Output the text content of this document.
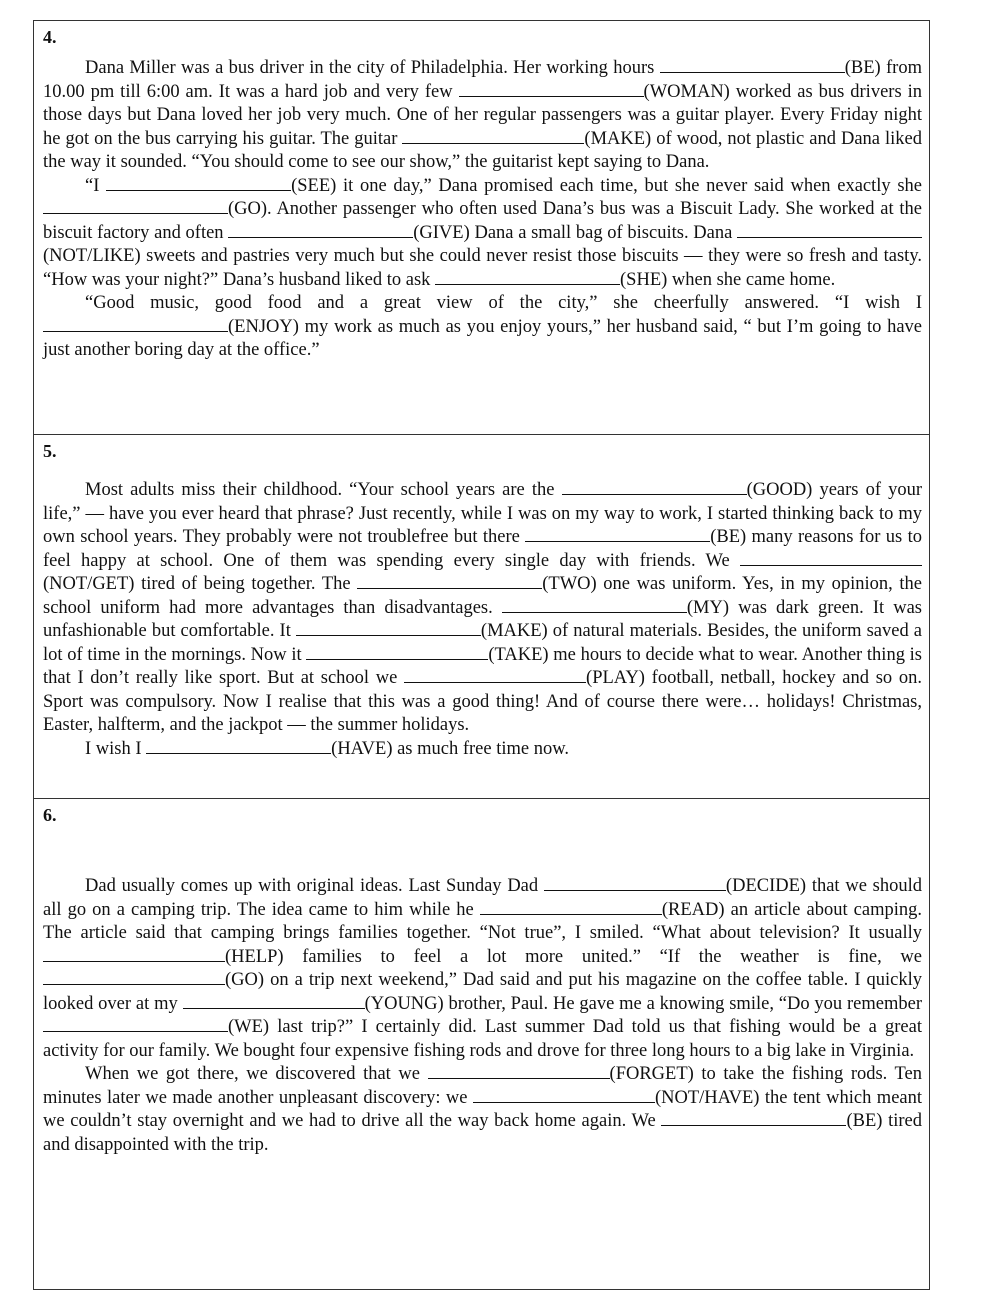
4.

Dana Miller was a bus driver in the city of Philadelphia. Her working hours	(BE) from 10.00 pm till 6:00 am. It was a hard job and very few	(WOMAN) worked as bus drivers in those days but Dana loved her job very much. One of her regular passengers was a guitar player. Every Friday night he got on the bus carrying his guitar. The guitar	(MAKE) of wood, not plastic and Dana liked the way it sounded. “You should come to see our show,” the guitarist kept saying to Dana.

“I	(SEE) it one day,” Dana promised each time, but she never said when exactly she (GO). Another passenger who often used Dana’s bus was a Biscuit Lady. She worked at the biscuit factory and often	(GIVE) Dana a small bag of biscuits. Dana (NOT/LIKE) sweets and pastries very much but she could never resist those biscuits — they were so fresh and tasty. “How was your night?” Dana’s husband liked to ask	(SHE) when she came home.

“Good music, good food and a great view of the city,” she cheerfully answered. “I wish I (ENJOY) my work as much as you enjoy yours,” her husband said, “ but I’m going to have just another boring day at the office.”

5.

Most adults miss their childhood. “Your school years are the	(GOOD) years of your life,” — have you ever heard that phrase? Just recently, while I was on my way to work, I started thinking back to my own school years. They probably were not troublefree but there	(BE) many reasons for us to feel happy at school. One of them was spending every single day with friends. We (NOT/GET) tired of being together. The	(TWO) one was uniform. Yes, in my opinion, the school uniform had more advantages than disadvantages.	(MY) was dark green. It was unfashionable but comfortable. It	(MAKE) of natural materials. Besides, the uniform saved a lot of time in the mornings. Now it	(TAKE) me hours to decide what to wear. Another thing is that I don’t really like sport. But at school we	(PLAY) football, netball, hockey and so on. Sport was compulsory. Now I realise that this was a good thing! And of course there were… holidays! Christmas, Easter, halfterm, and the jackpot — the summer holidays.

I wish I	(HAVE) as much free time now.

6.

Dad usually comes up with original ideas. Last Sunday Dad	(DECIDE) that we should all go on a camping trip. The idea came to him while he	(READ) an article about camping. The article said that camping brings families together. “Not true”, I smiled. “What about television? It usually (HELP) families to feel a lot more united.” “If the weather is fine, we (GO) on a trip next weekend,” Dad said and put his magazine on the coffee table. I quickly looked over at my	(YOUNG) brother, Paul. He gave me a knowing smile, “Do you remember (WE) last trip?” I certainly did. Last summer Dad told us that fishing would be a great activity for our family. We bought four expensive fishing rods and drove for three long hours to a big lake in Virginia.

When we got there, we discovered that we	(FORGET) to take the fishing rods. Ten minutes later we made another unpleasant discovery: we	(NOT/HAVE) the tent which meant we couldn’t stay overnight and we had to drive all the way back home again. We	(BE) tired and disappointed with the trip.
